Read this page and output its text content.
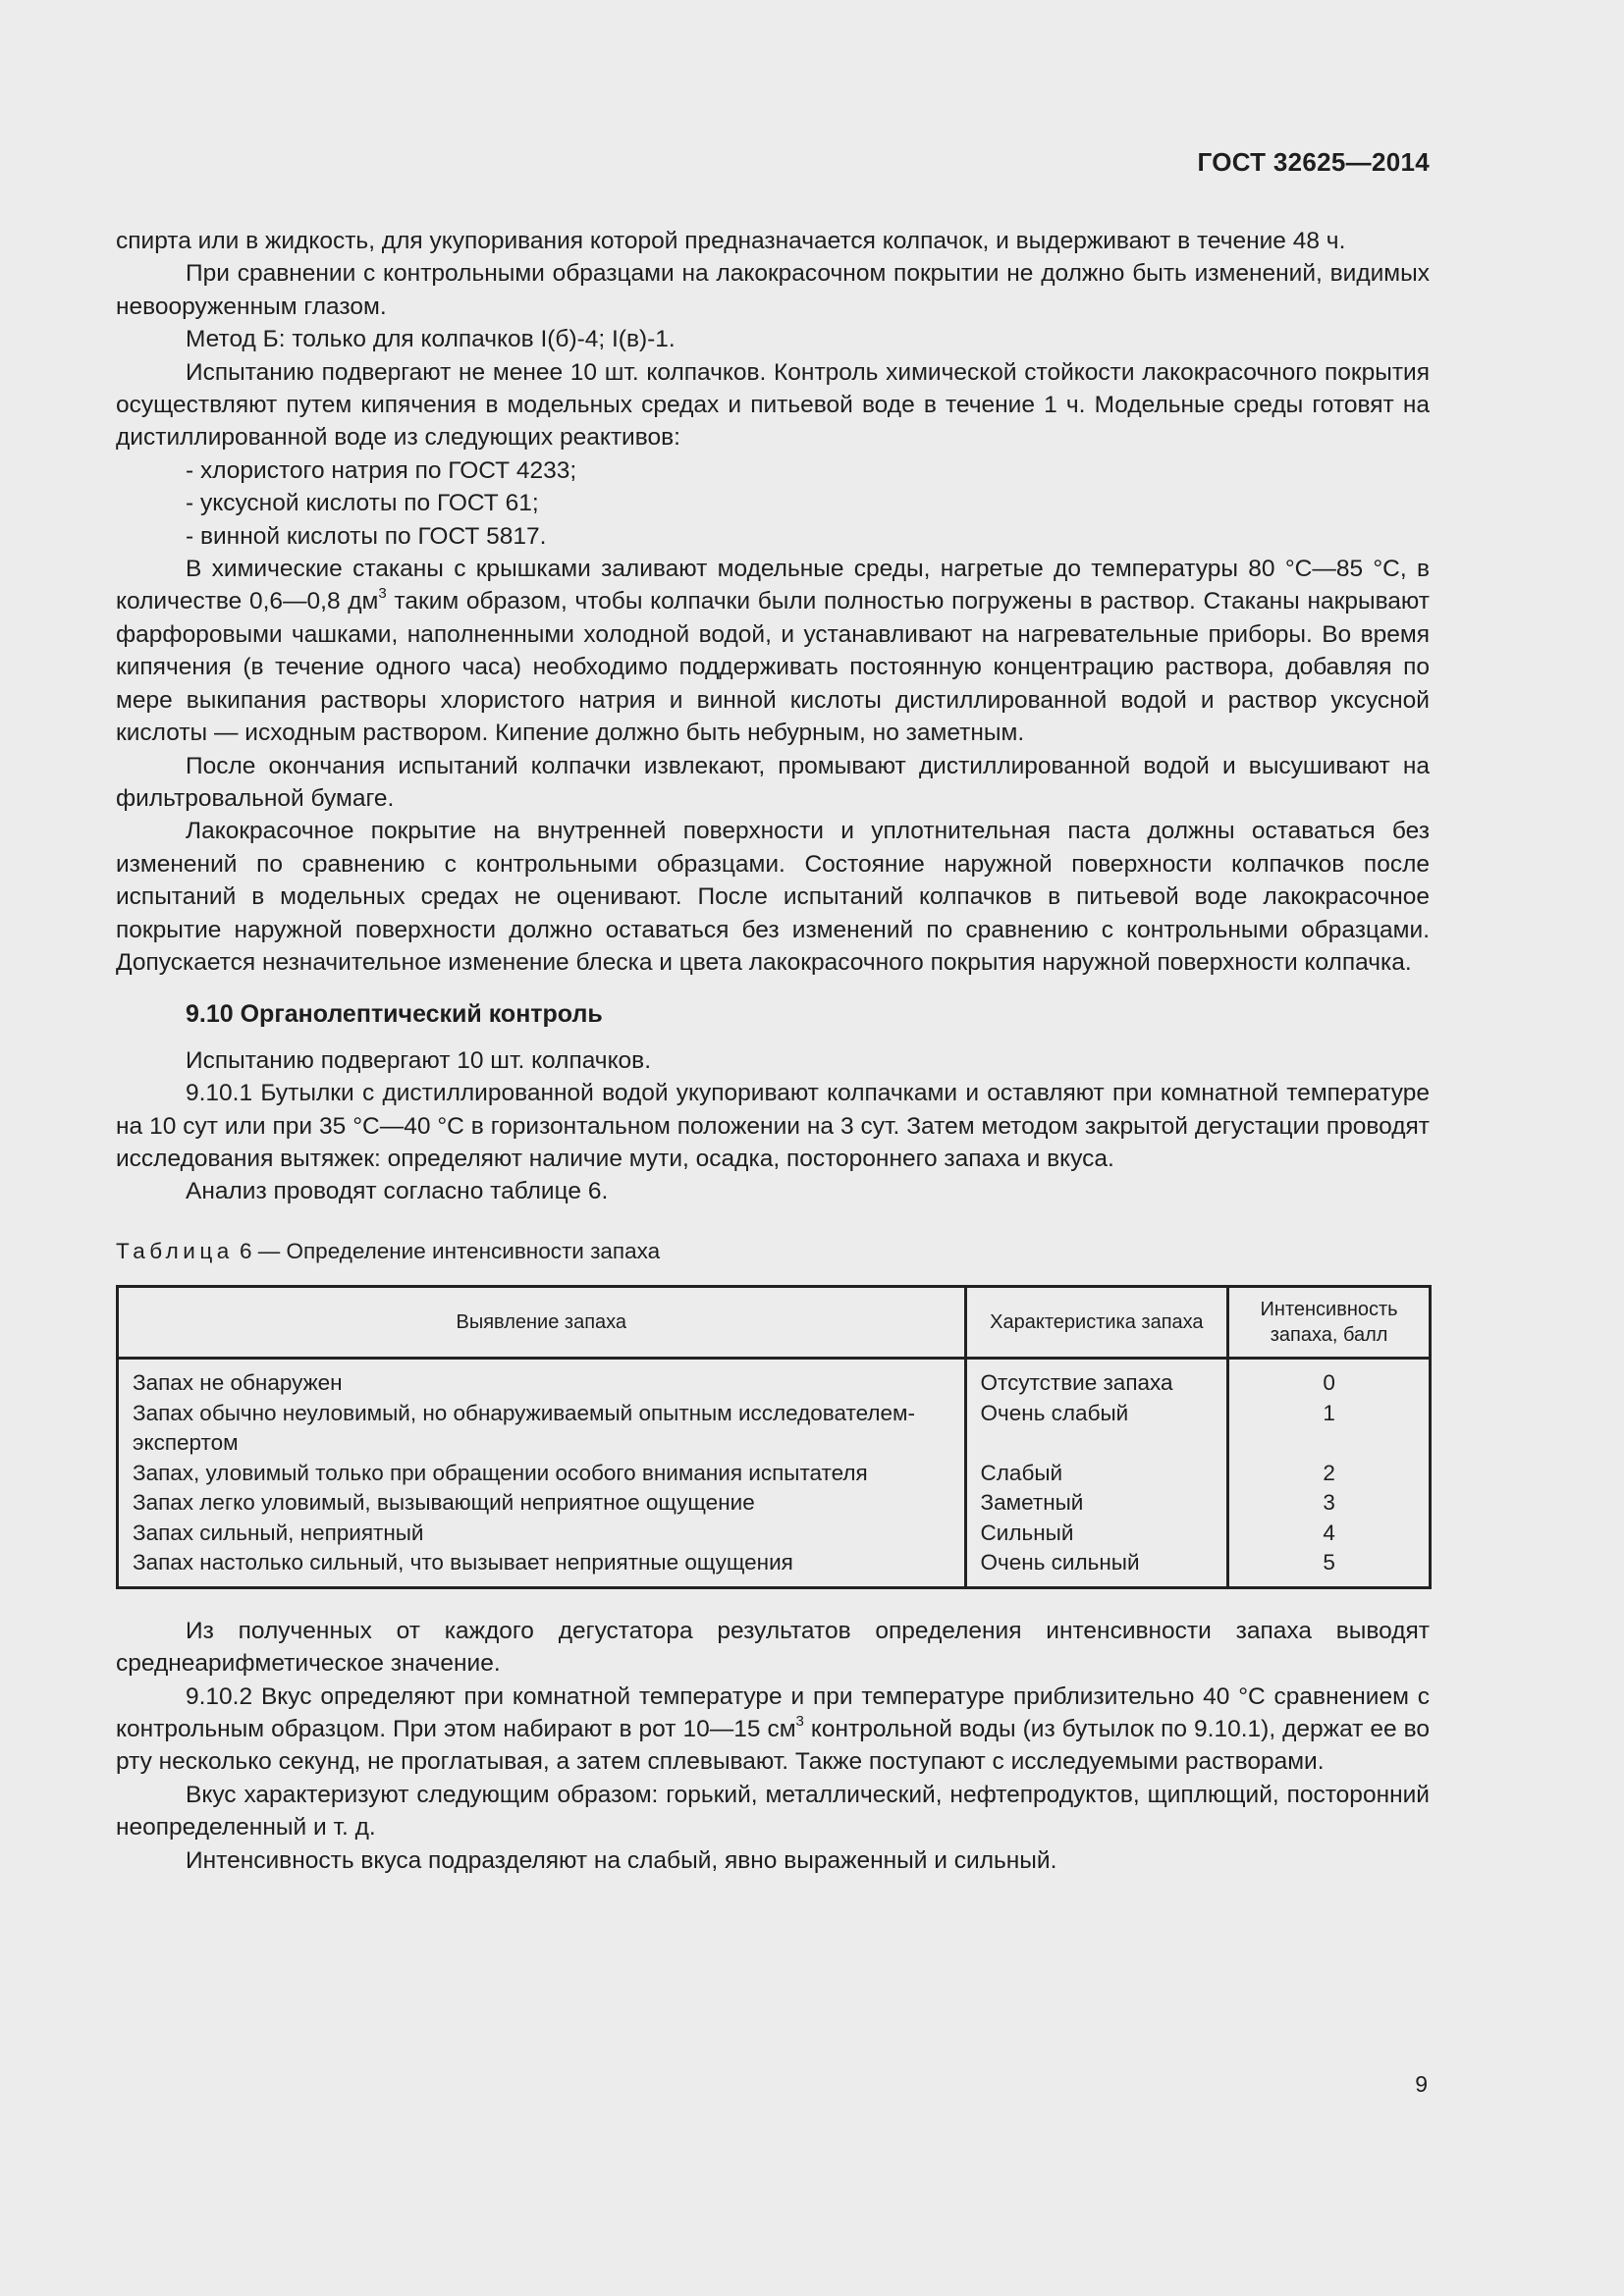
ГОСТ 32625—2014

спирта или в жидкость, для укупоривания которой предназначается колпачок, и выдерживают в течение 48 ч.

При сравнении с контрольными образцами на лакокрасочном покрытии не должно быть изменений, видимых невооруженным глазом.

Метод Б: только для колпачков I(б)-4; I(в)-1.

Испытанию подвергают не менее 10 шт. колпачков. Контроль химической стойкости лакокрасочного покрытия осуществляют путем кипячения в модельных средах и питьевой воде в течение 1 ч. Модельные среды готовят на дистиллированной воде из следующих реактивов:

- хлористого натрия по ГОСТ 4233;

- уксусной кислоты по ГОСТ 61;

- винной кислоты по ГОСТ 5817.

В химические стаканы с крышками заливают модельные среды, нагретые до температуры 80 °С—85 °С, в количестве 0,6—0,8 $дм^3$ таким образом, чтобы колпачки были полностью погружены в раствор. Стаканы накрывают фарфоровыми чашками, наполненными холодной водой, и устанавливают на нагревательные приборы. Во время кипячения (в течение одного часа) необходимо поддерживать постоянную концентрацию раствора, добавляя по мере выкипания растворы хлористого натрия и винной кислоты дистиллированной водой и раствор уксусной кислоты — исходным раствором. Кипение должно быть небурным, но заметным.

После окончания испытаний колпачки извлекают, промывают дистиллированной водой и высушивают на фильтровальной бумаге.

Лакокрасочное покрытие на внутренней поверхности и уплотнительная паста должны оставаться без изменений по сравнению с контрольными образцами. Состояние наружной поверхности колпачков после испытаний в модельных средах не оценивают. После испытаний колпачков в питьевой воде лакокрасочное покрытие наружной поверхности должно оставаться без изменений по сравнению с контрольными образцами. Допускается незначительное изменение блеска и цвета лакокрасочного покрытия наружной поверхности колпачка.

9.10 Органолептический контроль

Испытанию подвергают 10 шт. колпачков.

9.10.1 Бутылки с дистиллированной водой укупоривают колпачками и оставляют при комнатной температуре на 10 сут или при 35 °С—40 °С в горизонтальном положении на 3 сут. Затем методом закрытой дегустации проводят исследования вытяжек: определяют наличие мути, осадка, постороннего запаха и вкуса.

Анализ проводят согласно таблице 6.

Таблица 6 — Определение интенсивности запаха

Выявление запаха	Характеристика запаха	Интенсивность запаха, балл
Запах не обнаружен	Отсутствие запаха	0
Запах обычно неуловимый, но обнаруживаемый опытным исследователем-экспертом	Очень слабый	1
Запах, уловимый только при обращении особого внимания испытателя	Слабый	2
Запах легко уловимый, вызывающий неприятное ощущение	Заметный	3
Запах сильный, неприятный	Сильный	4
Запах настолько сильный, что вызывает неприятные ощущения	Очень сильный	5

Из полученных от каждого дегустатора результатов определения интенсивности запаха выводят среднеарифметическое значение.

9.10.2 Вкус определяют при комнатной температуре и при температуре приблизительно 40 °С сравнением с контрольным образцом. При этом набирают в рот 10—15 $см^3$ контрольной воды (из бутылок по 9.10.1), держат ее во рту несколько секунд, не проглатывая, а затем сплевывают. Также поступают с исследуемыми растворами.

Вкус характеризуют следующим образом: горький, металлический, нефтепродуктов, щиплющий, посторонний неопределенный и т. д.

Интенсивность вкуса подразделяют на слабый, явно выраженный и сильный.

9
